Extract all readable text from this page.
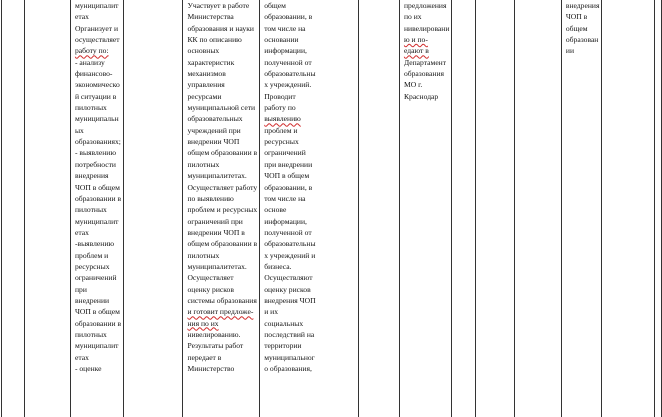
муниципалит
етах
Организует и
осуществляет
работу по:
- анализу
финансово-
экономическо
й ситуации в
пилотных
муниципальн
ых
образованиях;
- выявлению
потребности
внедрения
ЧОП в общем
образовании в
пилотных
муниципалит
етах
-выявлению
проблем и
ресурсных
ограничений
при
внедрении
ЧОП в общем
образовании в
пилотных
муниципалит
етах
- оценке

Участвует в работе
Министерства
образования и науки
КК по описанию
основных
характеристик
механизмов
управления
ресурсами
муниципальной сети
образовательных
учреждений при
внедрении ЧОП
общем образовании в
пилотных
муниципалитетах.
Осуществляет работу
по выявлению
проблем и ресурсных
ограничений при
внедрении ЧОП в
общем образовании в
пилотных
муниципалитетах.
Осуществляет
оценку рисков
системы образования
и готовит предложе-
ния по их
нивелированию.
Результаты работ
передает в
Министерство

общем
образовании, в
том числе на
основании
информации,
полученной от
образовательны
х учреждений.
Проводит
работу по
выявлению
проблем и
ресурсных
ограничений
при внедрении
ЧОП в общем
образовании, в
том числе на
основе
информации,
полученной от
образовательны
х учреждений и
бизнеса.
Осуществляют
оценку рисков
внедрения ЧОП
и их
социальных
последствий на
территории
муниципальног
о образования,

предложения
по их
нивелировани
ю и по-
едают в
Департамент
образования
МО г.
Краснодар

внедрения
ЧОП в
общем
образован
ии
